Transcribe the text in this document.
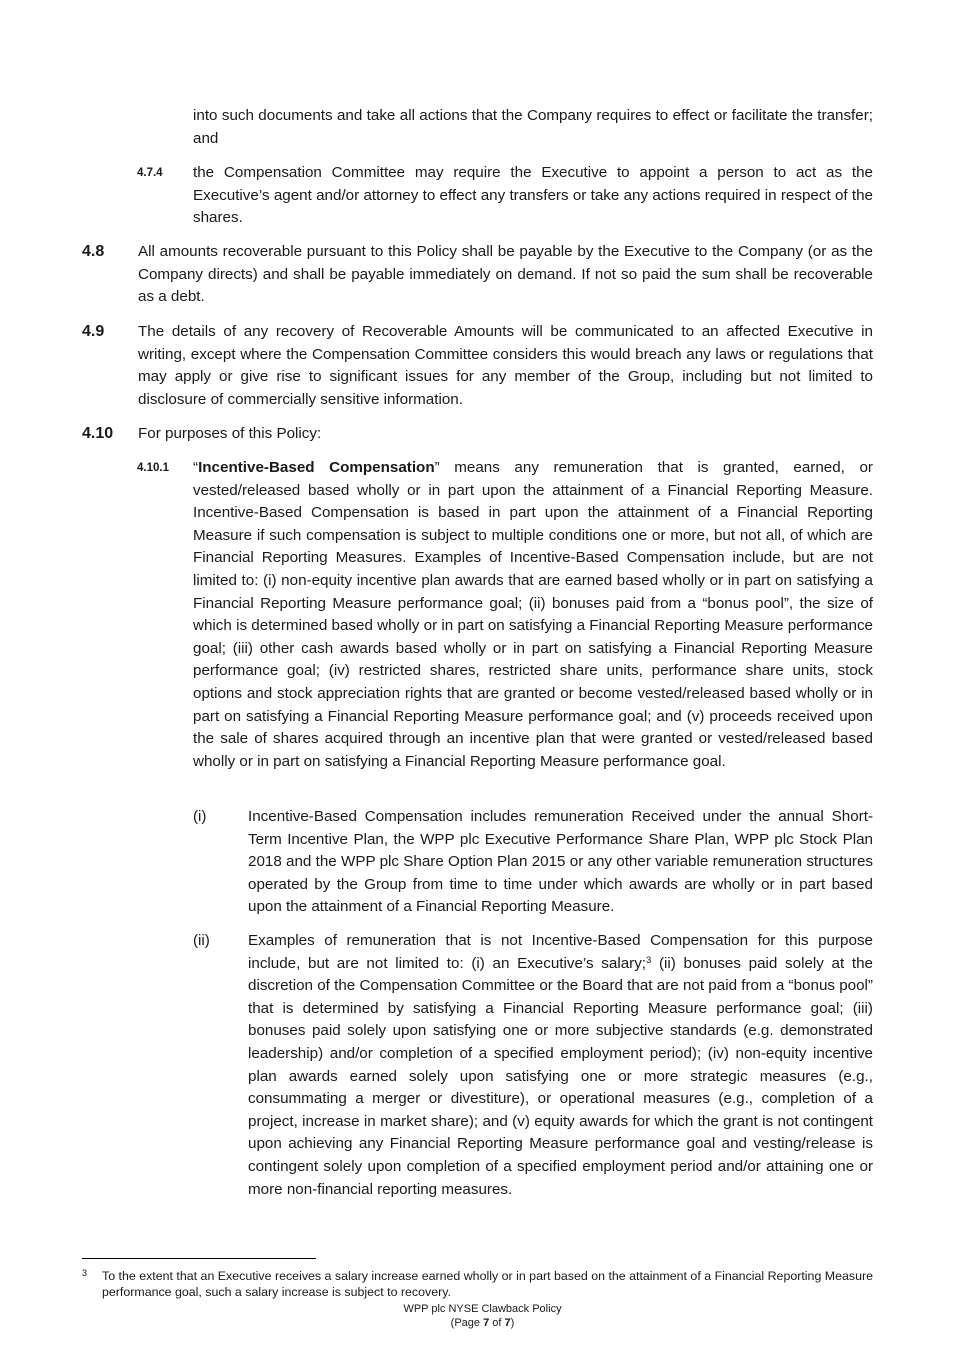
into such documents and take all actions that the Company requires to effect or facilitate the transfer; and
4.7.4 the Compensation Committee may require the Executive to appoint a person to act as the Executive’s agent and/or attorney to effect any transfers or take any actions required in respect of the shares.
4.8 All amounts recoverable pursuant to this Policy shall be payable by the Executive to the Company (or as the Company directs) and shall be payable immediately on demand. If not so paid the sum shall be recoverable as a debt.
4.9 The details of any recovery of Recoverable Amounts will be communicated to an affected Executive in writing, except where the Compensation Committee considers this would breach any laws or regulations that may apply or give rise to significant issues for any member of the Group, including but not limited to disclosure of commercially sensitive information.
4.10 For purposes of this Policy:
4.10.1 “Incentive-Based Compensation” means any remuneration that is granted, earned, or vested/released based wholly or in part upon the attainment of a Financial Reporting Measure. Incentive-Based Compensation is based in part upon the attainment of a Financial Reporting Measure if such compensation is subject to multiple conditions one or more, but not all, of which are Financial Reporting Measures. Examples of Incentive-Based Compensation include, but are not limited to: (i) non-equity incentive plan awards that are earned based wholly or in part on satisfying a Financial Reporting Measure performance goal; (ii) bonuses paid from a “bonus pool”, the size of which is determined based wholly or in part on satisfying a Financial Reporting Measure performance goal; (iii) other cash awards based wholly or in part on satisfying a Financial Reporting Measure performance goal; (iv) restricted shares, restricted share units, performance share units, stock options and stock appreciation rights that are granted or become vested/released based wholly or in part on satisfying a Financial Reporting Measure performance goal; and (v) proceeds received upon the sale of shares acquired through an incentive plan that were granted or vested/released based wholly or in part on satisfying a Financial Reporting Measure performance goal.
(i)	Incentive-Based Compensation includes remuneration Received under the annual Short-Term Incentive Plan, the WPP plc Executive Performance Share Plan, WPP plc Stock Plan 2018 and the WPP plc Share Option Plan 2015 or any other variable remuneration structures operated by the Group from time to time under which awards are wholly or in part based upon the attainment of a Financial Reporting Measure.
(ii)	Examples of remuneration that is not Incentive-Based Compensation for this purpose include, but are not limited to: (i) an Executive’s salary;$^3$ (ii) bonuses paid solely at the discretion of the Compensation Committee or the Board that are not paid from a “bonus pool” that is determined by satisfying a Financial Reporting Measure performance goal; (iii) bonuses paid solely upon satisfying one or more subjective standards (e.g. demonstrated leadership) and/or completion of a specified employment period); (iv) non-equity incentive plan awards earned solely upon satisfying one or more strategic measures (e.g., consummating a merger or divestiture), or operational measures (e.g., completion of a project, increase in market share); and (v) equity awards for which the grant is not contingent upon achieving any Financial Reporting Measure performance goal and vesting/release is contingent solely upon completion of a specified employment period and/or attaining one or more non-financial reporting measures.
3 To the extent that an Executive receives a salary increase earned wholly or in part based on the attainment of a Financial Reporting Measure performance goal, such a salary increase is subject to recovery.
WPP plc NYSE Clawback Policy
(Page 7 of 7)
